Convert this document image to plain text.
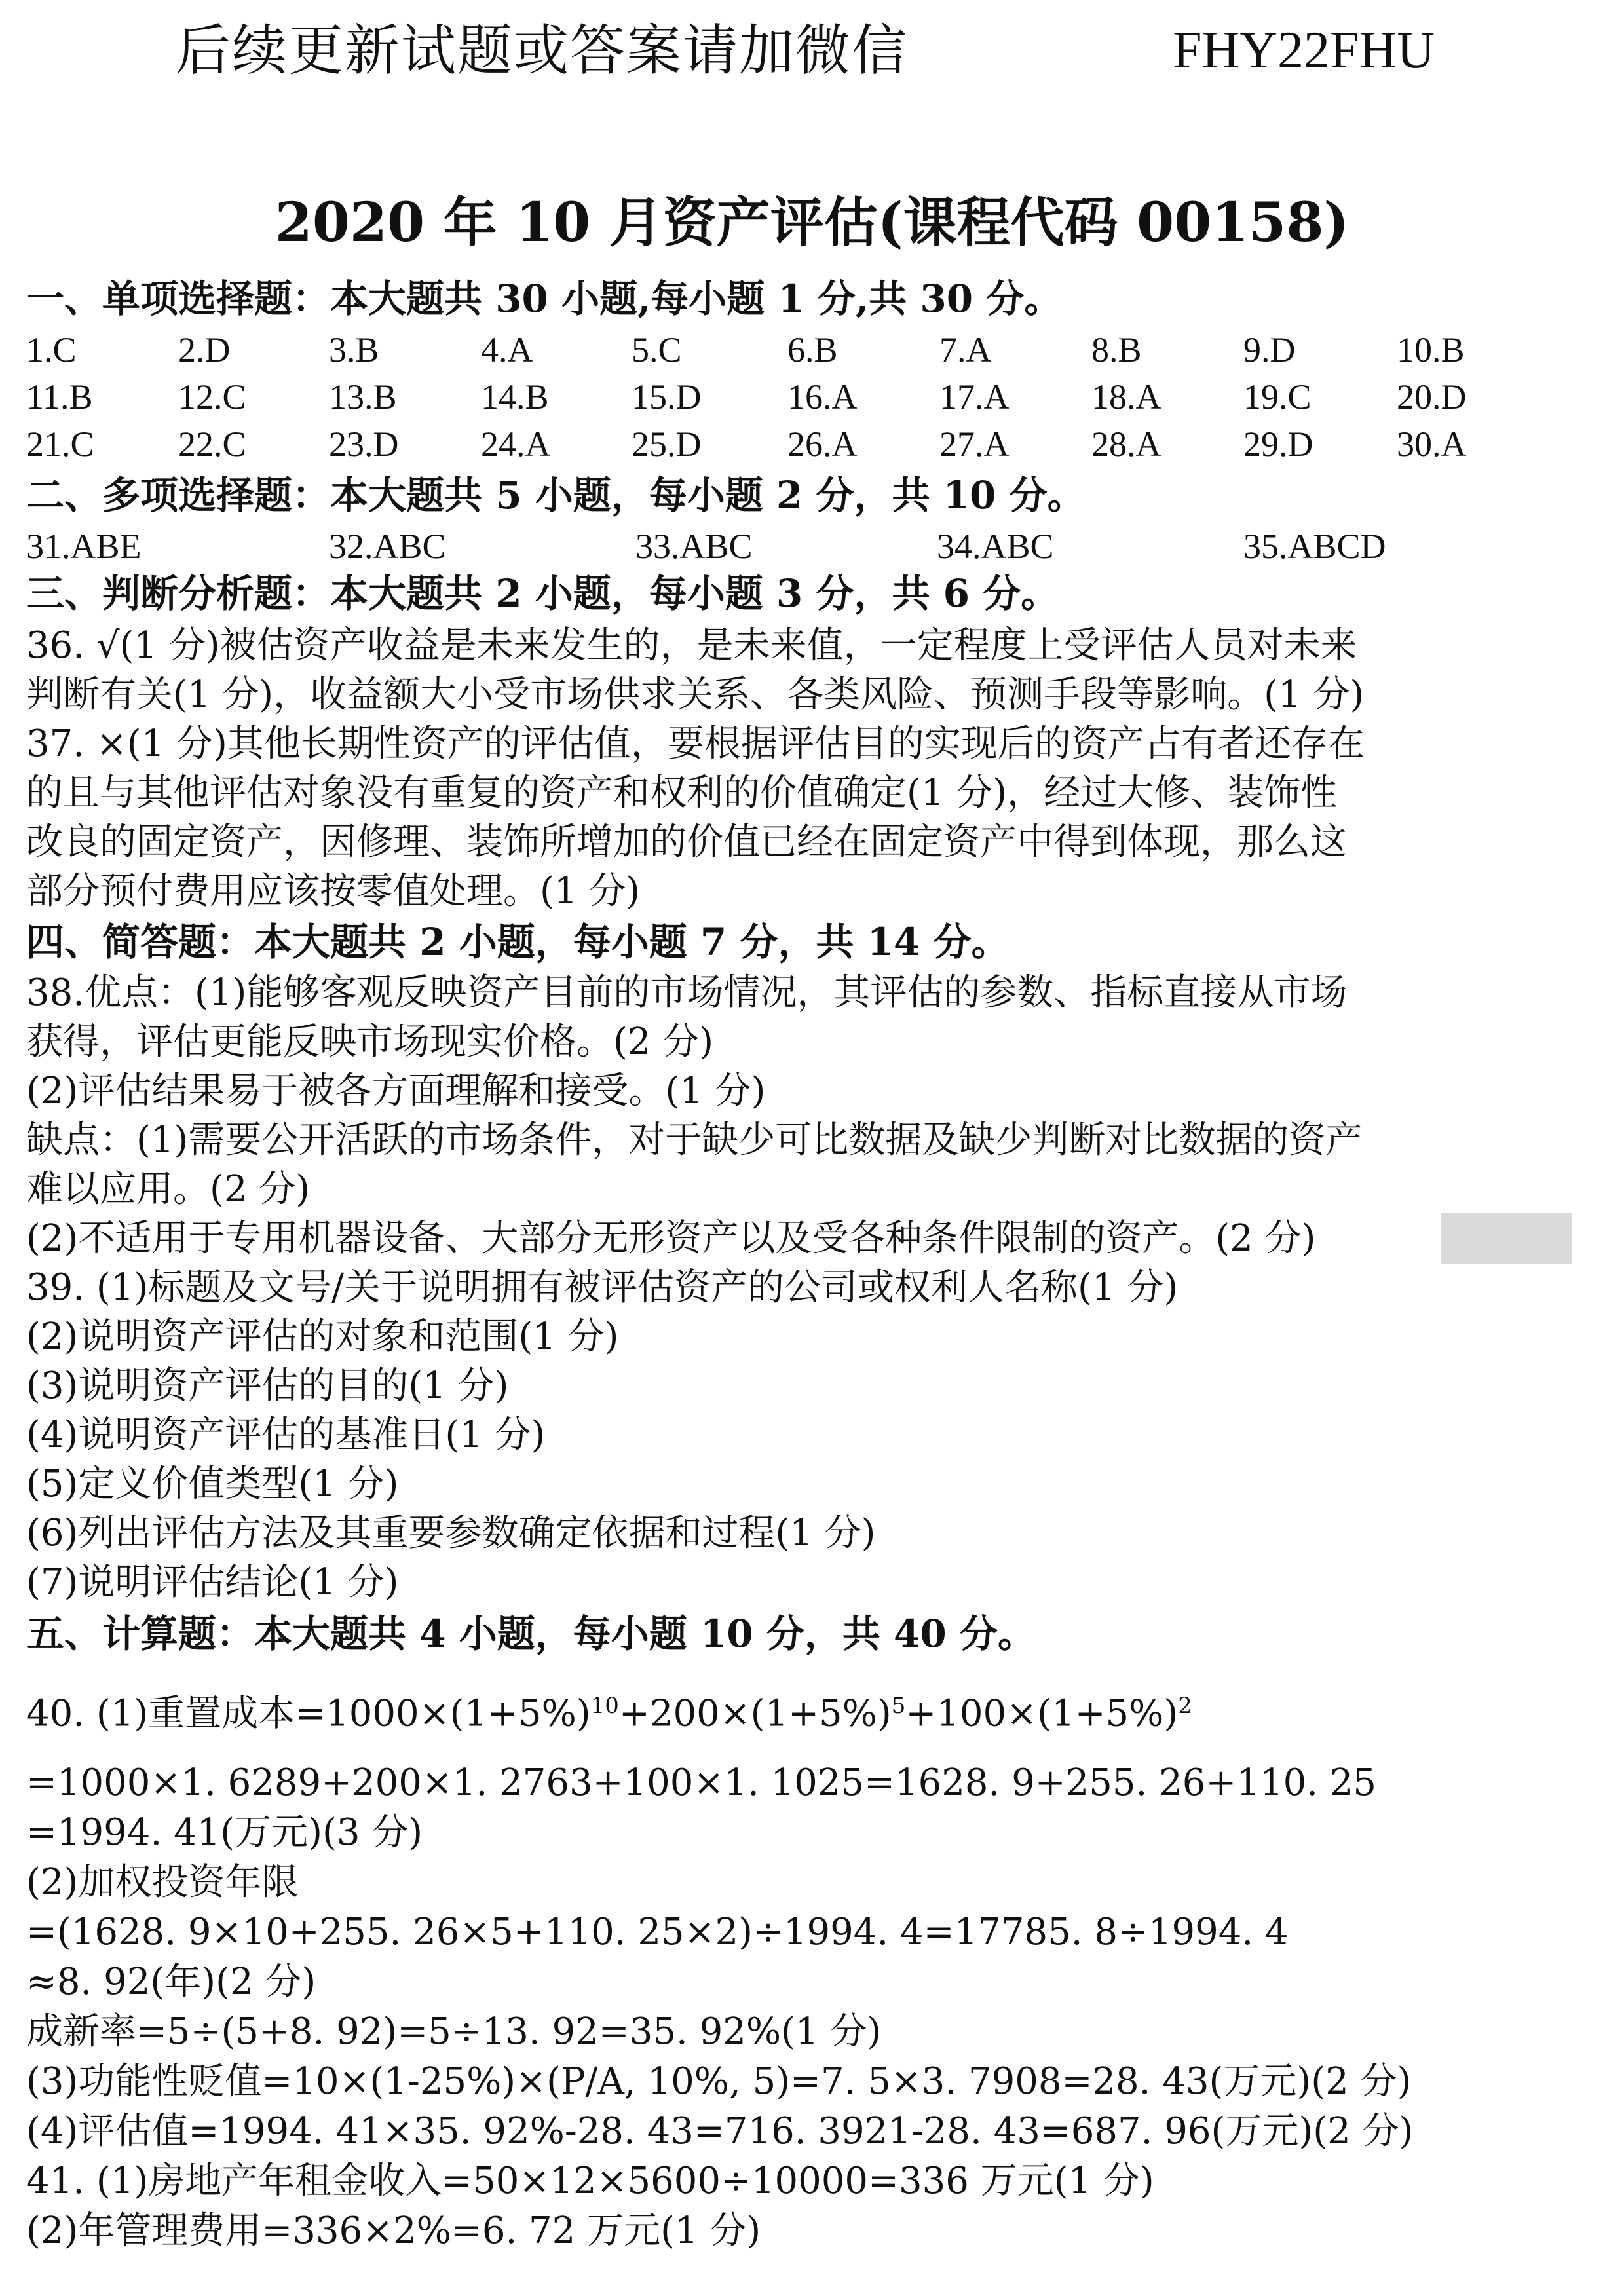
后续更新试题或答案请加微信	FHY22FHU
2020 年 10 月资产评估(课程代码 00158)
一、单项选择题：本大题共 30 小题,每小题 1 分,共 30 分。
1.C	2.D	3.B	4.A	5.C	6.B	7.A	8.B	9.D	10.B
11.B 12.C 13.B 14.B 15.D 16.A 17.A 18.A 19.C 20.D
21.C 22.C 23.D 24.A 25.D 26.A 27.A 28.A 29.D 30.A
二、多项选择题：本大题共 5 小题，每小题 2 分，共 10 分。
31.ABE	32.ABC	33.ABC	34.ABC	35.ABCD
三、判断分析题：本大题共 2 小题，每小题 3 分，共 6 分。
36. √(1 分)被估资产收益是未来发生的，是未来值，一定程度上受评估人员对未来
判断有关(1 分)，收益额大小受市场供求关系、各类风险、预测手段等影响。(1 分)
37. ×(1 分)其他长期性资产的评估值，要根据评估目的实现后的资产占有者还存在
的且与其他评估对象没有重复的资产和权利的价值确定(1 分)，经过大修、装饰性
改良的固定资产，因修理、装饰所增加的价值已经在固定资产中得到体现，那么这
部分预付费用应该按零值处理。(1 分)
四、简答题：本大题共 2 小题，每小题 7 分，共 14 分。
38.优点：(1)能够客观反映资产目前的市场情况，其评估的参数、指标直接从市场
获得，评估更能反映市场现实价格。(2 分)
(2)评估结果易于被各方面理解和接受。(1 分)
缺点：(1)需要公开活跃的市场条件，对于缺少可比数据及缺少判断对比数据的资产
难以应用。(2 分)
(2)不适用于专用机器设备、大部分无形资产以及受各种条件限制的资产。(2 分)
39. (1)标题及文号/关于说明拥有被评估资产的公司或权利人名称(1 分)
(2)说明资产评估的对象和范围(1 分)
(3)说明资产评估的目的(1 分)
(4)说明资产评估的基准日(1 分)
(5)定义价值类型(1 分)
(6)列出评估方法及其重要参数确定依据和过程(1 分)
(7)说明评估结论(1 分)
五、计算题：本大题共 4 小题，每小题 10 分，共 40 分。
40. (1)重置成本$=1000\times(1+5\%)^{10}+200\times(1+5\%)^5+100\times(1+5\%)^2$
=1000×1. 6289+200×1. 2763+100×1. 1025=1628. 9+255. 26+110. 25
=1994. 41(万元)(3 分)
(2)加权投资年限
=(1628. 9×10+255. 26×5+110. 25×2)÷1994. 4=17785. 8÷1994. 4
≈8. 92(年)(2 分)
成新率=5÷(5+8. 92)=5÷13. 92=35. 92%(1 分)
(3)功能性贬值=10×(1-25%)×(P/A, 10%, 5)=7. 5×3. 7908=28. 43(万元)(2 分)
(4)评估值=1994. 41×35. 92%-28. 43=716. 3921-28. 43=687. 96(万元)(2 分)
41. (1)房地产年租金收入=50×12×5600÷10000=336 万元(1 分)
(2)年管理费用=336×2%=6. 72 万元(1 分)
